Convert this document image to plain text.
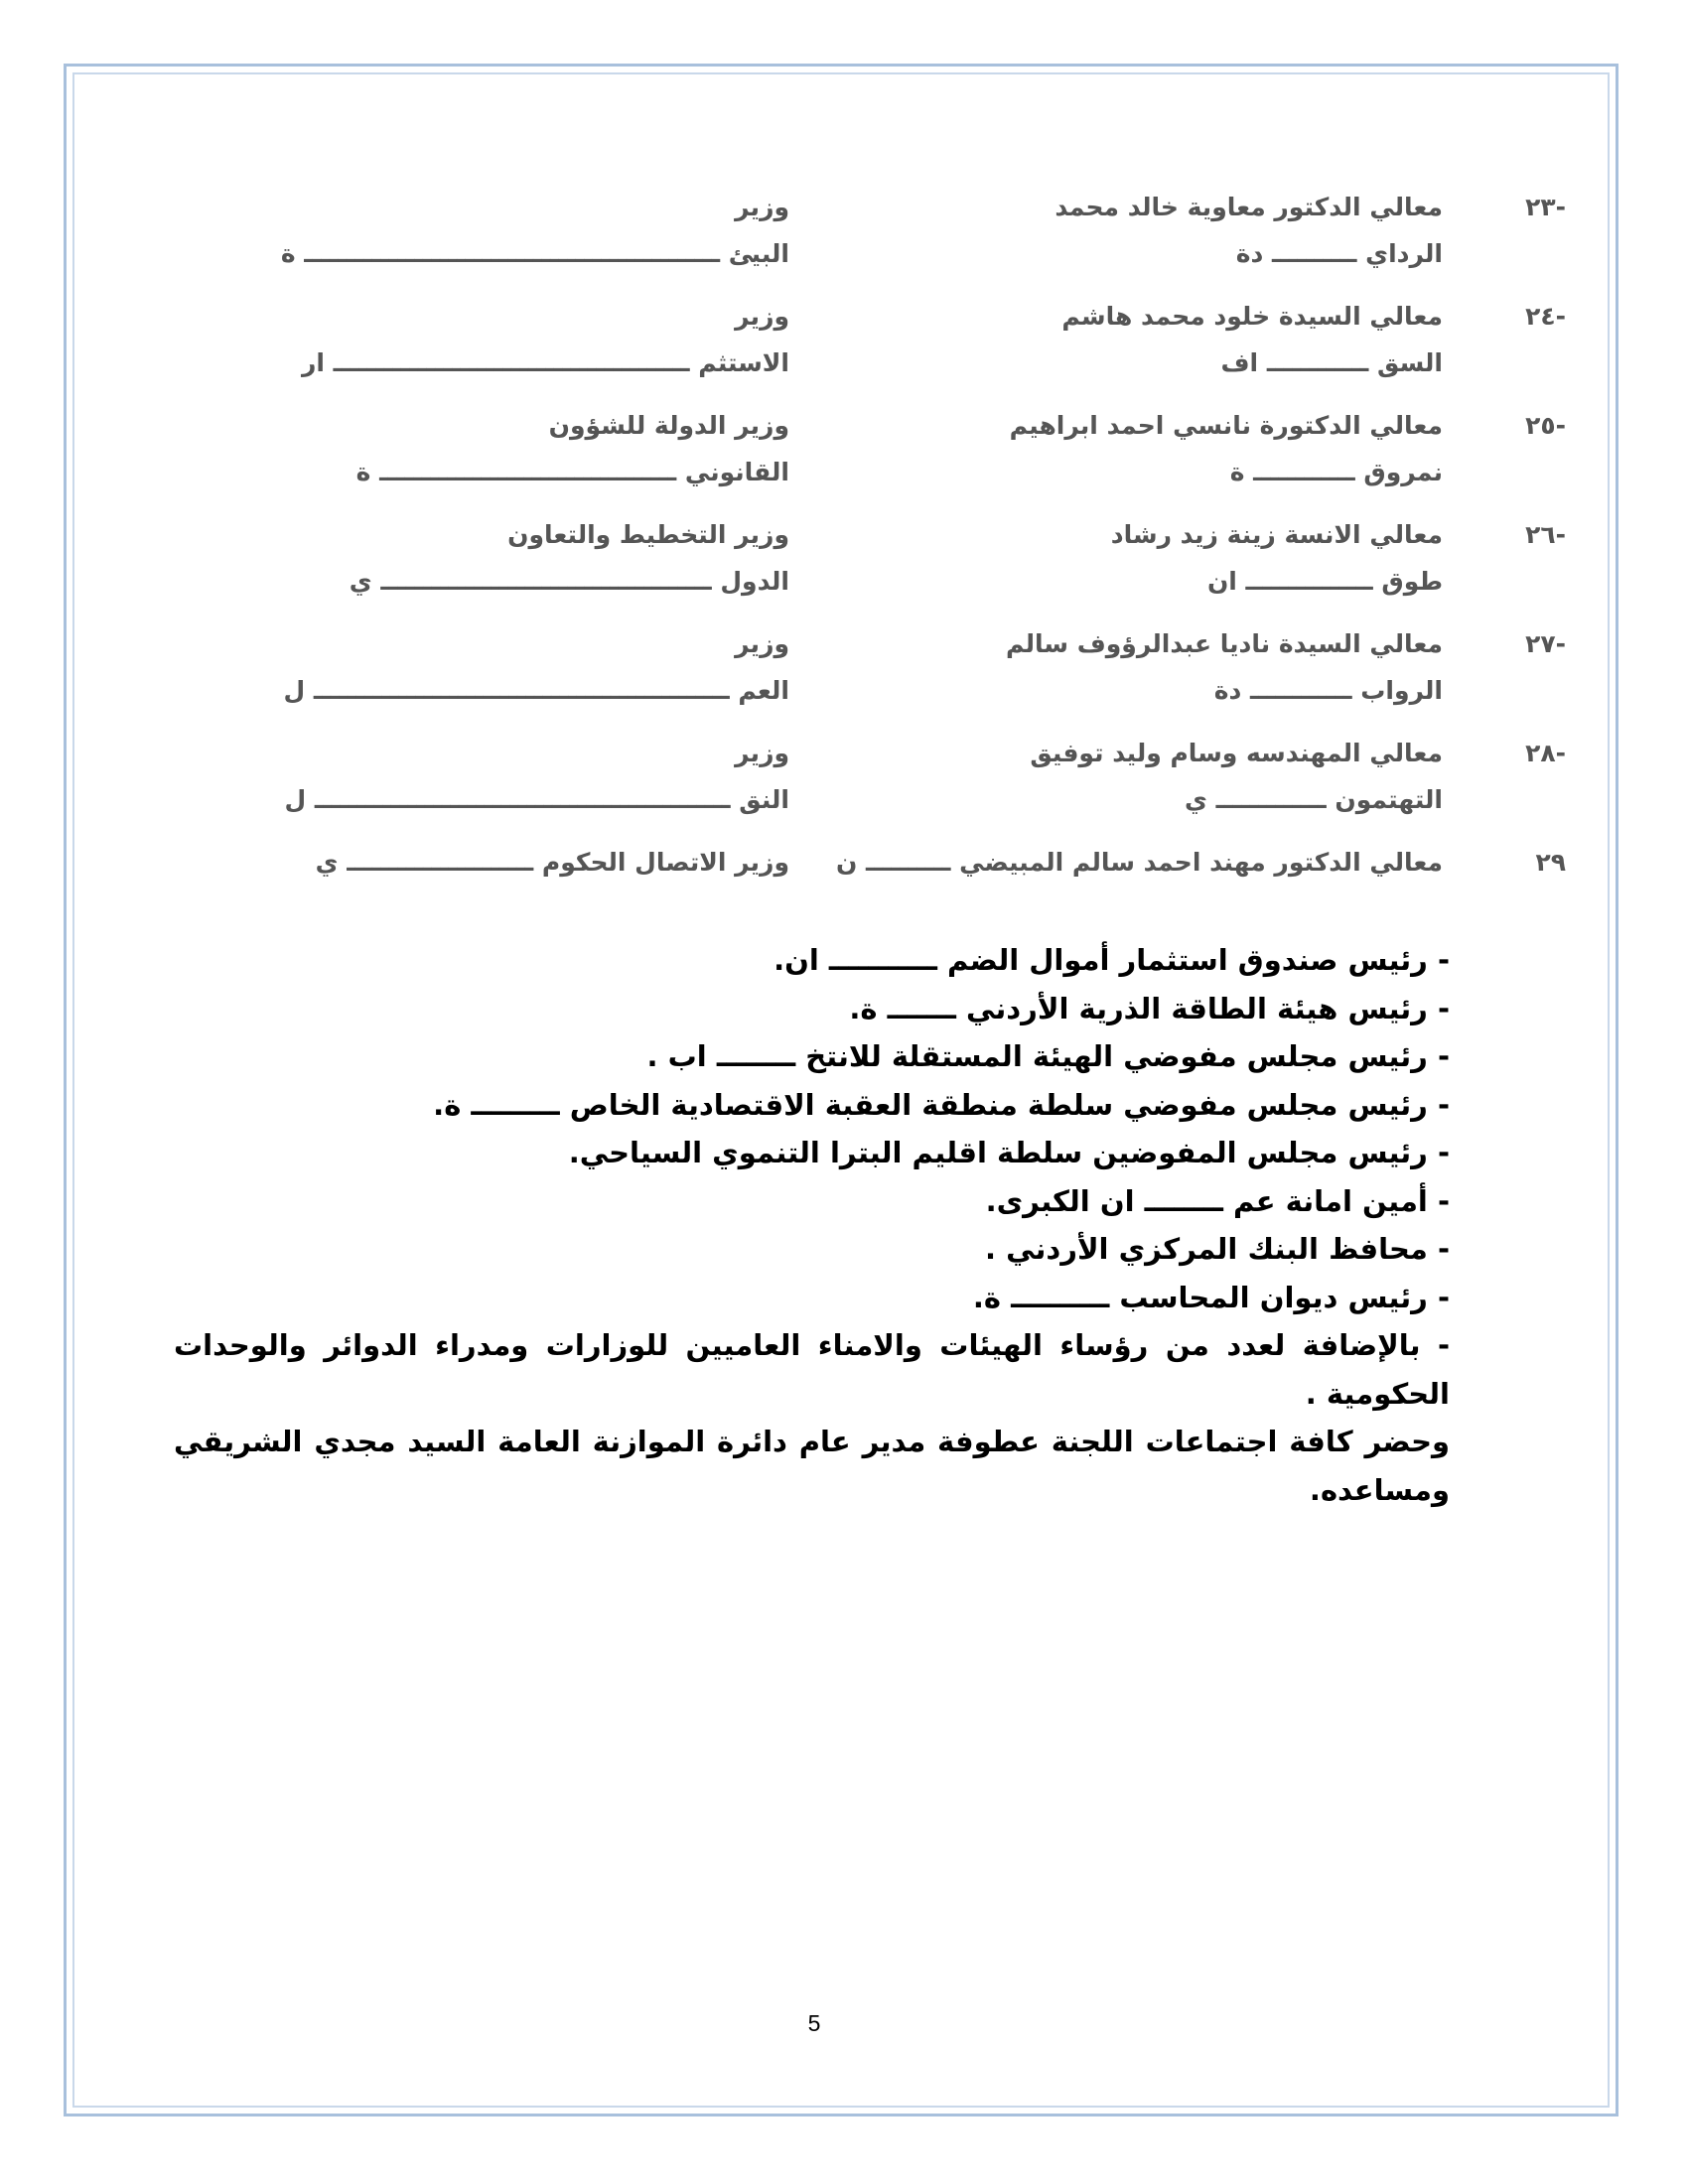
-٢٣
معالي الدكتور معاوية خالد محمد
الرداي ــــــــــ دة
وزير
البيئ ـــــــــــــــــــــــــــــــــــــــــــــــــ ة
-٢٤
معالي السيدة خلود محمد هاشم
السق ــــــــــــ اف
وزير
الاستثم ــــــــــــــــــــــــــــــــــــــــــ ار
-٢٥
معالي الدكتورة نانسي احمد ابراهيم
نمروق ــــــــــــ ة
وزير الدولة للشؤون
القانوني ـــــــــــــــــــــــــــــــــــ ة
-٢٦
معالي الانسة زينة زيد رشاد
طوق ـــــــــــــــ ان
وزير التخطيط والتعاون
الدول ـــــــــــــــــــــــــــــــــــــــ ي
-٢٧
معالي السيدة ناديا عبدالرؤوف سالم
الرواب ــــــــــــ دة
وزير
العم ـــــــــــــــــــــــــــــــــــــــــــــــــ ل
-٢٨
معالي المهندسه وسام وليد توفيق
التهتمون ـــــــــــــ ي
وزير
النق ـــــــــــــــــــــــــــــــــــــــــــــــــ ل
٢٩
معالي الدكتور مهند احمد سالم المبيضي ــــــــــ ن
وزير الاتصال الحكوم ــــــــــــــــــــــ ي

- رئيس صندوق استثمار أموال الضم ـــــــــــ ان.

- رئيس هيئة الطاقة الذرية الأردني ـــــــ ة.

- رئيس مجلس مفوضي الهيئة المستقلة للانتخ ــــــــ اب .

- رئيس مجلس مفوضي سلطة منطقة العقبة الاقتصادية الخاص ـــــــــ ة.

- رئيس مجلس المفوضين سلطة اقليم البترا التنموي السياحي.

- أمين امانة عم ــــــــ ان الكبرى.

- محافظ البنك المركزي الأردني .

- رئيس ديوان المحاسب ــــــــــ ة.

- بالإضافة لعدد من رؤساء الهيئات والامناء العاميين للوزارات ومدراء الدوائر والوحدات الحكومية .

وحضر كافة اجتماعات اللجنة عطوفة مدير عام دائرة الموازنة العامة السيد مجدي الشريقي ومساعده.

5
